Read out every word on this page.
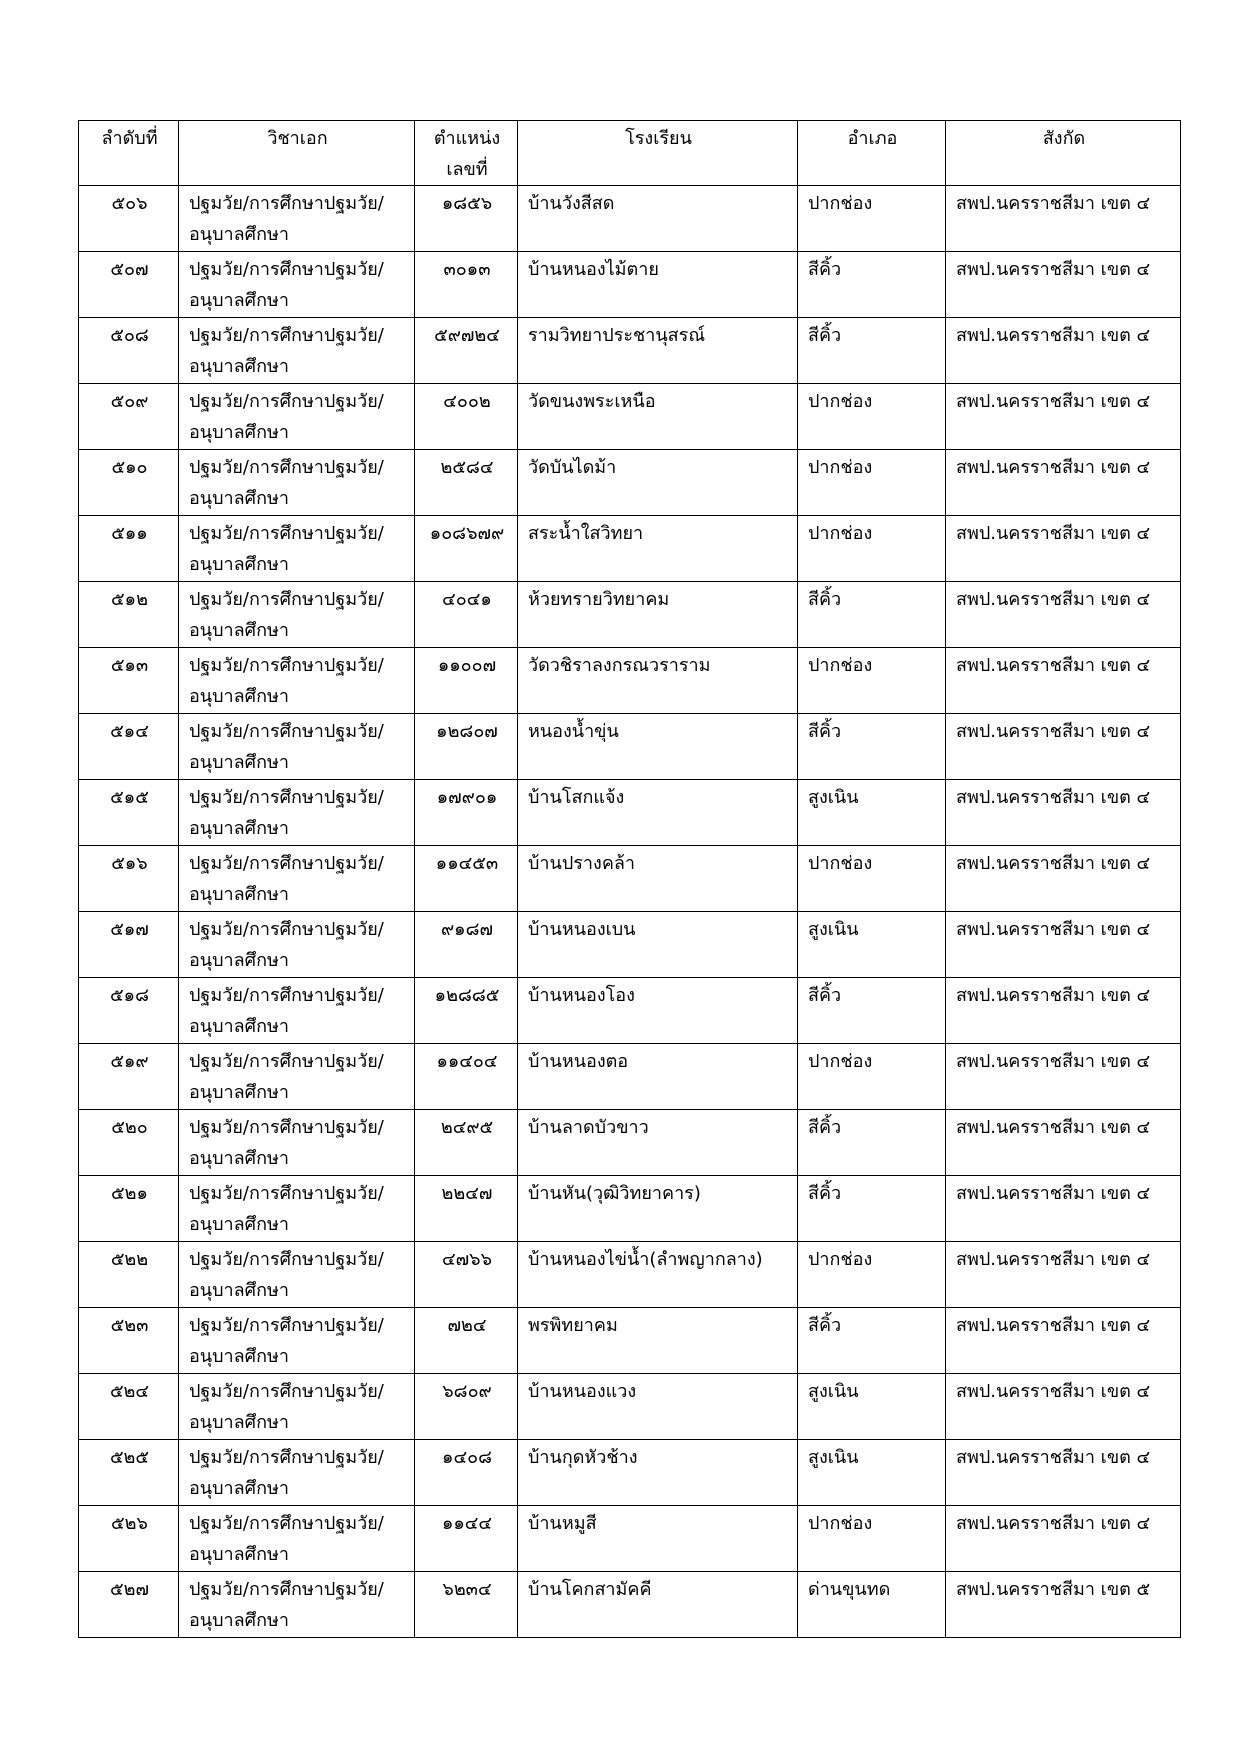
ลำดับที่	วิชาเอก	ตำแหน่ง
เลขที่	โรงเรียน	อำเภอ	สังกัด
๕๐๖	ปฐมวัย/การศึกษาปฐมวัย/
อนุบาลศึกษา	๑๘๕๖	บ้านวังสีสด	ปากช่อง	สพป.นครราชสีมา เขต ๔
๕๐๗	ปฐมวัย/การศึกษาปฐมวัย/
อนุบาลศึกษา	๓๐๑๓	บ้านหนองไม้ตาย	สีคิ้ว	สพป.นครราชสีมา เขต ๔
๕๐๘	ปฐมวัย/การศึกษาปฐมวัย/
อนุบาลศึกษา	๕๙๗๒๔	รามวิทยาประชานุสรณ์	สีคิ้ว	สพป.นครราชสีมา เขต ๔
๕๐๙	ปฐมวัย/การศึกษาปฐมวัย/
อนุบาลศึกษา	๔๐๐๒	วัดขนงพระเหนือ	ปากช่อง	สพป.นครราชสีมา เขต ๔
๕๑๐	ปฐมวัย/การศึกษาปฐมวัย/
อนุบาลศึกษา	๒๕๘๔	วัดบันไดม้า	ปากช่อง	สพป.นครราชสีมา เขต ๔
๕๑๑	ปฐมวัย/การศึกษาปฐมวัย/
อนุบาลศึกษา	๑๐๘๖๗๙	สระน้ำใสวิทยา	ปากช่อง	สพป.นครราชสีมา เขต ๔
๕๑๒	ปฐมวัย/การศึกษาปฐมวัย/
อนุบาลศึกษา	๔๐๔๑	ห้วยทรายวิทยาคม	สีคิ้ว	สพป.นครราชสีมา เขต ๔
๕๑๓	ปฐมวัย/การศึกษาปฐมวัย/
อนุบาลศึกษา	๑๑๐๐๗	วัดวชิราลงกรณวราราม	ปากช่อง	สพป.นครราชสีมา เขต ๔
๕๑๔	ปฐมวัย/การศึกษาปฐมวัย/
อนุบาลศึกษา	๑๒๘๐๗	หนองน้ำขุ่น	สีคิ้ว	สพป.นครราชสีมา เขต ๔
๕๑๕	ปฐมวัย/การศึกษาปฐมวัย/
อนุบาลศึกษา	๑๗๙๐๑	บ้านโสกแจ้ง	สูงเนิน	สพป.นครราชสีมา เขต ๔
๕๑๖	ปฐมวัย/การศึกษาปฐมวัย/
อนุบาลศึกษา	๑๑๔๕๓	บ้านปรางคล้า	ปากช่อง	สพป.นครราชสีมา เขต ๔
๕๑๗	ปฐมวัย/การศึกษาปฐมวัย/
อนุบาลศึกษา	๙๑๘๗	บ้านหนองเบน	สูงเนิน	สพป.นครราชสีมา เขต ๔
๕๑๘	ปฐมวัย/การศึกษาปฐมวัย/
อนุบาลศึกษา	๑๒๘๘๕	บ้านหนองโอง	สีคิ้ว	สพป.นครราชสีมา เขต ๔
๕๑๙	ปฐมวัย/การศึกษาปฐมวัย/
อนุบาลศึกษา	๑๑๔๐๔	บ้านหนองตอ	ปากช่อง	สพป.นครราชสีมา เขต ๔
๕๒๐	ปฐมวัย/การศึกษาปฐมวัย/
อนุบาลศึกษา	๒๔๙๕	บ้านลาดบัวขาว	สีคิ้ว	สพป.นครราชสีมา เขต ๔
๕๒๑	ปฐมวัย/การศึกษาปฐมวัย/
อนุบาลศึกษา	๒๒๔๗	บ้านหัน(วุฒิวิทยาคาร)	สีคิ้ว	สพป.นครราชสีมา เขต ๔
๕๒๒	ปฐมวัย/การศึกษาปฐมวัย/
อนุบาลศึกษา	๔๗๖๖	บ้านหนองไข่น้ำ(ลำพญากลาง)	ปากช่อง	สพป.นครราชสีมา เขต ๔
๕๒๓	ปฐมวัย/การศึกษาปฐมวัย/
อนุบาลศึกษา	๗๒๔	พรพิทยาคม	สีคิ้ว	สพป.นครราชสีมา เขต ๔
๕๒๔	ปฐมวัย/การศึกษาปฐมวัย/
อนุบาลศึกษา	๖๘๐๙	บ้านหนองแวง	สูงเนิน	สพป.นครราชสีมา เขต ๔
๕๒๕	ปฐมวัย/การศึกษาปฐมวัย/
อนุบาลศึกษา	๑๔๐๘	บ้านกุดหัวช้าง	สูงเนิน	สพป.นครราชสีมา เขต ๔
๕๒๖	ปฐมวัย/การศึกษาปฐมวัย/
อนุบาลศึกษา	๑๑๔๔	บ้านหมูสี	ปากช่อง	สพป.นครราชสีมา เขต ๔
๕๒๗	ปฐมวัย/การศึกษาปฐมวัย/
อนุบาลศึกษา	๖๒๓๔	บ้านโคกสามัคคี	ด่านขุนทด	สพป.นครราชสีมา เขต ๕
